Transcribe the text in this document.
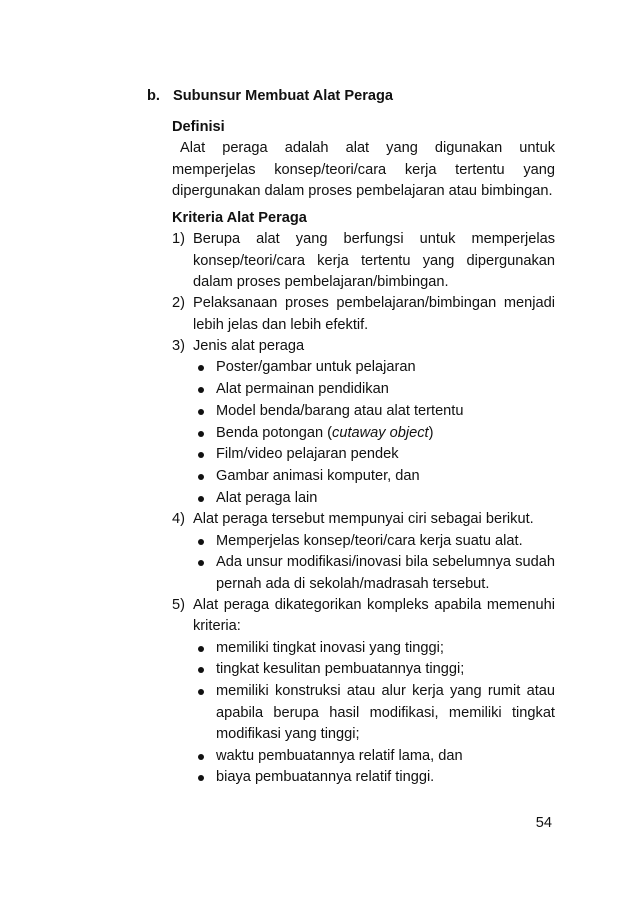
b. Subunsur Membuat Alat Peraga
Definisi
Alat peraga adalah alat yang digunakan untuk memperjelas konsep/teori/cara kerja tertentu yang dipergunakan dalam proses pembelajaran atau bimbingan.
Kriteria Alat Peraga
1) Berupa alat yang berfungsi untuk memperjelas konsep/teori/cara kerja tertentu yang dipergunakan dalam proses pembelajaran/bimbingan.
2) Pelaksanaan proses pembelajaran/bimbingan menjadi lebih jelas dan lebih efektif.
3) Jenis alat peraga
Poster/gambar untuk pelajaran
Alat permainan pendidikan
Model benda/barang atau alat tertentu
Benda potongan (cutaway object)
Film/video pelajaran pendek
Gambar animasi komputer, dan
Alat peraga lain
4) Alat peraga tersebut mempunyai ciri sebagai berikut.
Memperjelas konsep/teori/cara kerja suatu alat.
Ada unsur modifikasi/inovasi bila sebelumnya sudah pernah ada di sekolah/madrasah tersebut.
5) Alat peraga dikategorikan kompleks apabila memenuhi kriteria:
memiliki tingkat inovasi yang tinggi;
tingkat kesulitan pembuatannya tinggi;
memiliki konstruksi atau alur kerja yang rumit atau apabila berupa hasil modifikasi, memiliki tingkat modifikasi yang tinggi;
waktu pembuatannya relatif lama, dan
biaya pembuatannya relatif tinggi.
54
